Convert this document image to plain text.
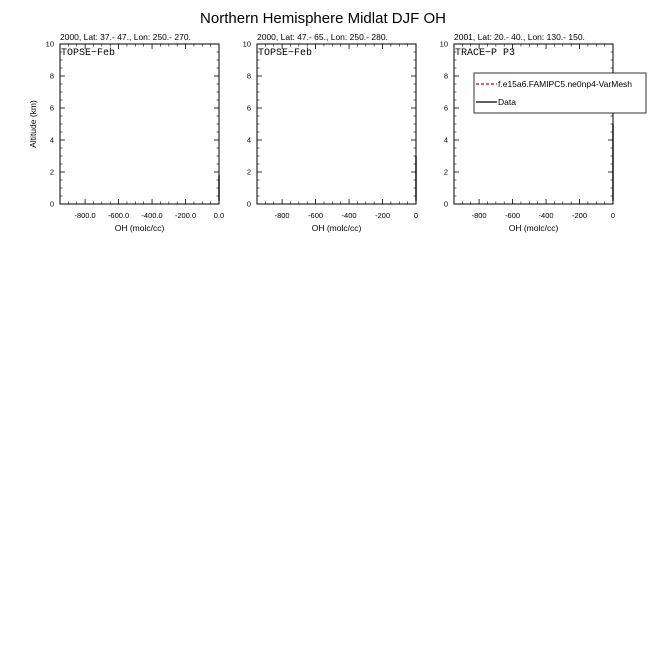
Northern Hemisphere Midlat DJF OH
2000, Lat: 37.- 47., Lon: 250.- 270.
TOPSE−Feb
-800.0 -600.0 -400.0 -200.0 0.0
0
2
4
6
8
10
OH (molc/cc)
Altitude (km)
2000, Lat: 47.- 65., Lon: 250.- 280.
TOPSE−Feb
-800 -600 -400 -200	0
0
2
4
6
8
10
OH (molc/cc)
2001, Lat: 20.- 40., Lon: 130.- 150.
TRACE−P P3
-800 -600 -400 -200	0
0
2
4
6
8
10
OH (molc/cc)
f.e15a6.FAMIPC5.ne0np4-VarMesh
Data
